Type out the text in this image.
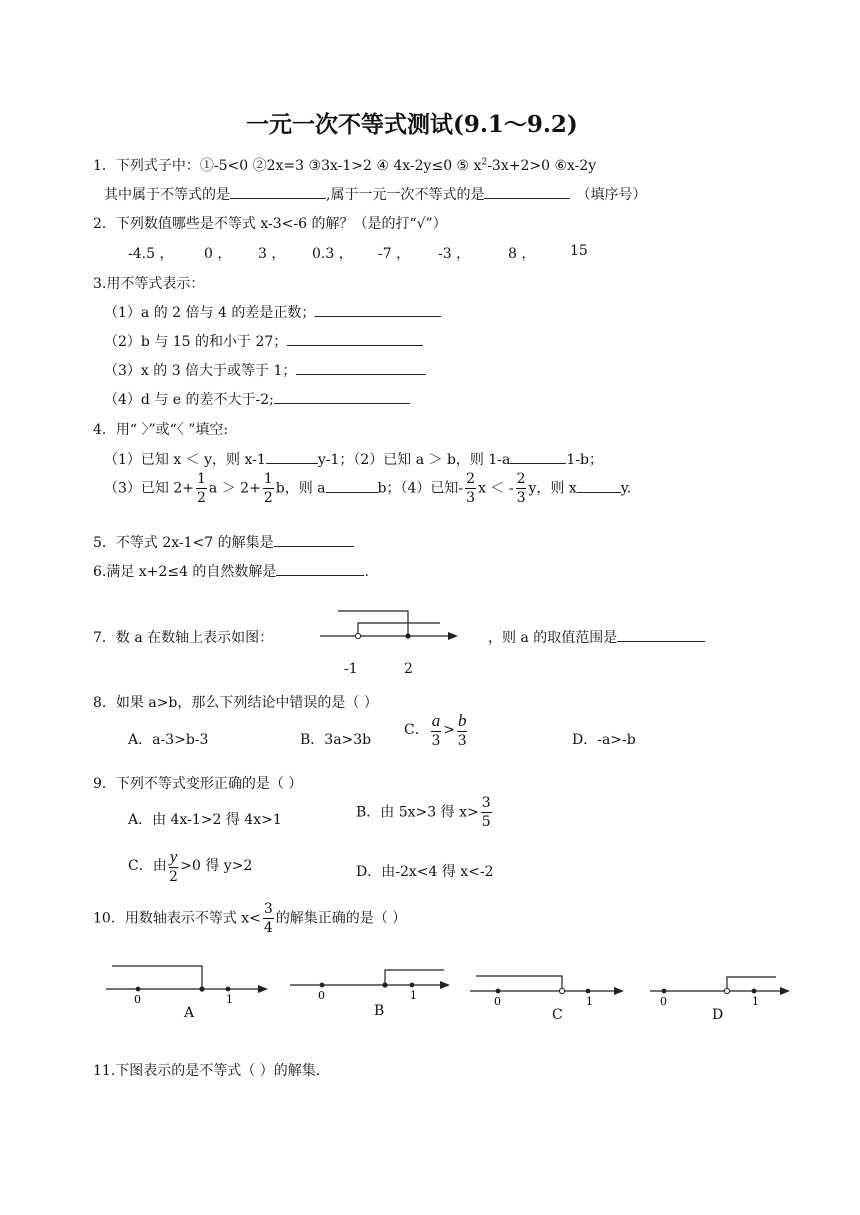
一元一次不等式测试(9.1～9.2)
1．下列式子中：①-5<0 ②2x=3 ③3x-1>2 ④ 4x-2y≤0 ⑤ $x^2-3x+2>0$ ⑥x-2y
其中属于不等式的是	,属于一元一次不等式的是	（填序号）
2．下列数值哪些是不等式 x-3<-6 的解？（是的打“√”）
-4.5 ， 0 ， 3 ， 0.3 ， -7 ， -3 ，	8 ， 15
3.用不等式表示：
（1）a 的 2 倍与 4 的差是正数；
（2）b 与 15 的和小于 27；
（3）x 的 3 倍大于或等于 1；
（4）d 与 e 的差不大于-2;
4．用“ 〉”或“〈 ”填空:
（1）已知 x ＜ y，则 x-1	y-1；（2）已知 a ＞ b，则 1-a	1-b；
（3）已知 $2+ \frac{1}{2}$ $a > 2+ \frac{1}{2}$ b，则 a	b；（4）已知- $\frac{2}{3}$ x ＜ - $\frac{2}{3}$ y，则 x	y.
5．不等式 2x-1<7 的解集是
6.满足 x+2≤4 的自然数解是	.
7．数 a 在数轴上表示如图：
-1	2
，则 a 的取值范围是
8．如果 a>b，那么下列结论中错误的是（ ）
A．a-3>b-3	B．3a>3b
C． $\frac{a}{3} > \frac{b}{3}$	D．-a>-b
9．下列不等式变形正确的是（ ）
A．由 4x-1>2 得 4x>1	B．由 5x>3 得 $x> \frac{3}{5}$
C．由 $\frac{y}{2} >0$ 得 y>2	D．由-2x<4 得 x<-2
10．用数轴表示不等式 $x< \frac{3}{4}$ 的解集正确的是（ ）
0	1
A
0	1
B
0	1
C
0	1
D
11.下图表示的是不等式（ ）的解集.
